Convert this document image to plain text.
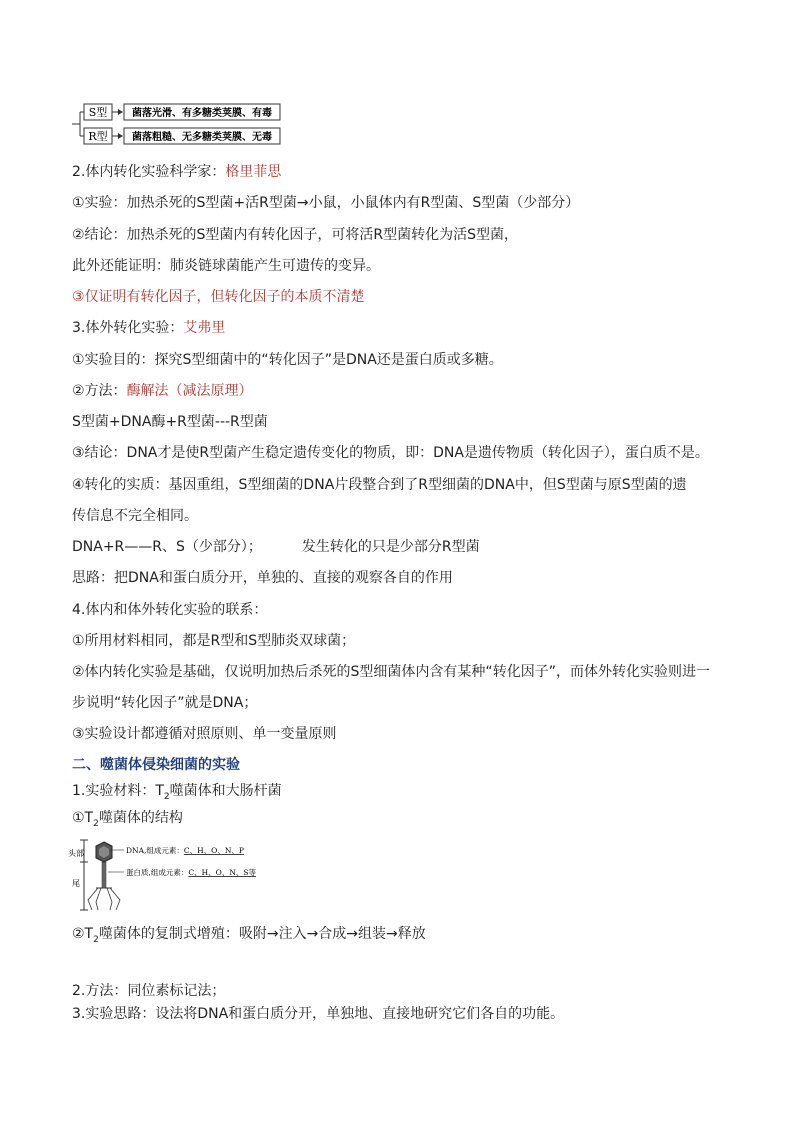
S型
R型
菌落光滑、有多糖类荚膜、有毒
菌落粗糙、无多糖类荚膜、无毒
2.体内转化实验科学家：格里菲思
①实验：加热杀死的S型菌+活R型菌→小鼠，小鼠体内有R型菌、S型菌（少部分）
②结论：加热杀死的S型菌内有转化因子，可将活R型菌转化为活S型菌，
此外还能证明：肺炎链球菌能产生可遗传的变异。
③仅证明有转化因子，但转化因子的本质不清楚
3.体外转化实验：艾弗里
①实验目的：探究S型细菌中的“转化因子”是DNA还是蛋白质或多糖。
②方法：酶解法（减法原理）
S型菌+DNA酶+R型菌---R型菌
③结论：DNA才是使R型菌产生稳定遗传变化的物质，即：DNA是遗传物质（转化因子），蛋白质不是。
④转化的实质：基因重组，S型细菌的DNA片段整合到了R型细菌的DNA中，但S型菌与原S型菌的遗
传信息不完全相同。
DNA+R——R、S（少部分）；	发生转化的只是少部分R型菌
思路：把DNA和蛋白质分开，单独的、直接的观察各自的作用
4.体内和体外转化实验的联系：
①所用材料相同，都是R型和S型肺炎双球菌；
②体内转化实验是基础，仅说明加热后杀死的S型细菌体内含有某种“转化因子”，而体外转化实验则进一
步说明“转化因子”就是DNA；
③实验设计都遵循对照原则、单一变量原则
二、噬菌体侵染细菌的实验
1.实验材料：$T_2$噬菌体和大肠杆菌
$①T_2$噬菌体的结构
头部
尾
DNA,组成元素：C、H、O、N、P
蛋白质,组成元素：C、H、O、N、S等
$②T_2$噬菌体的复制式增殖：吸附→注入→合成→组装→释放
2.方法：同位素标记法；
3.实验思路：设法将DNA和蛋白质分开，单独地、直接地研究它们各自的功能。
